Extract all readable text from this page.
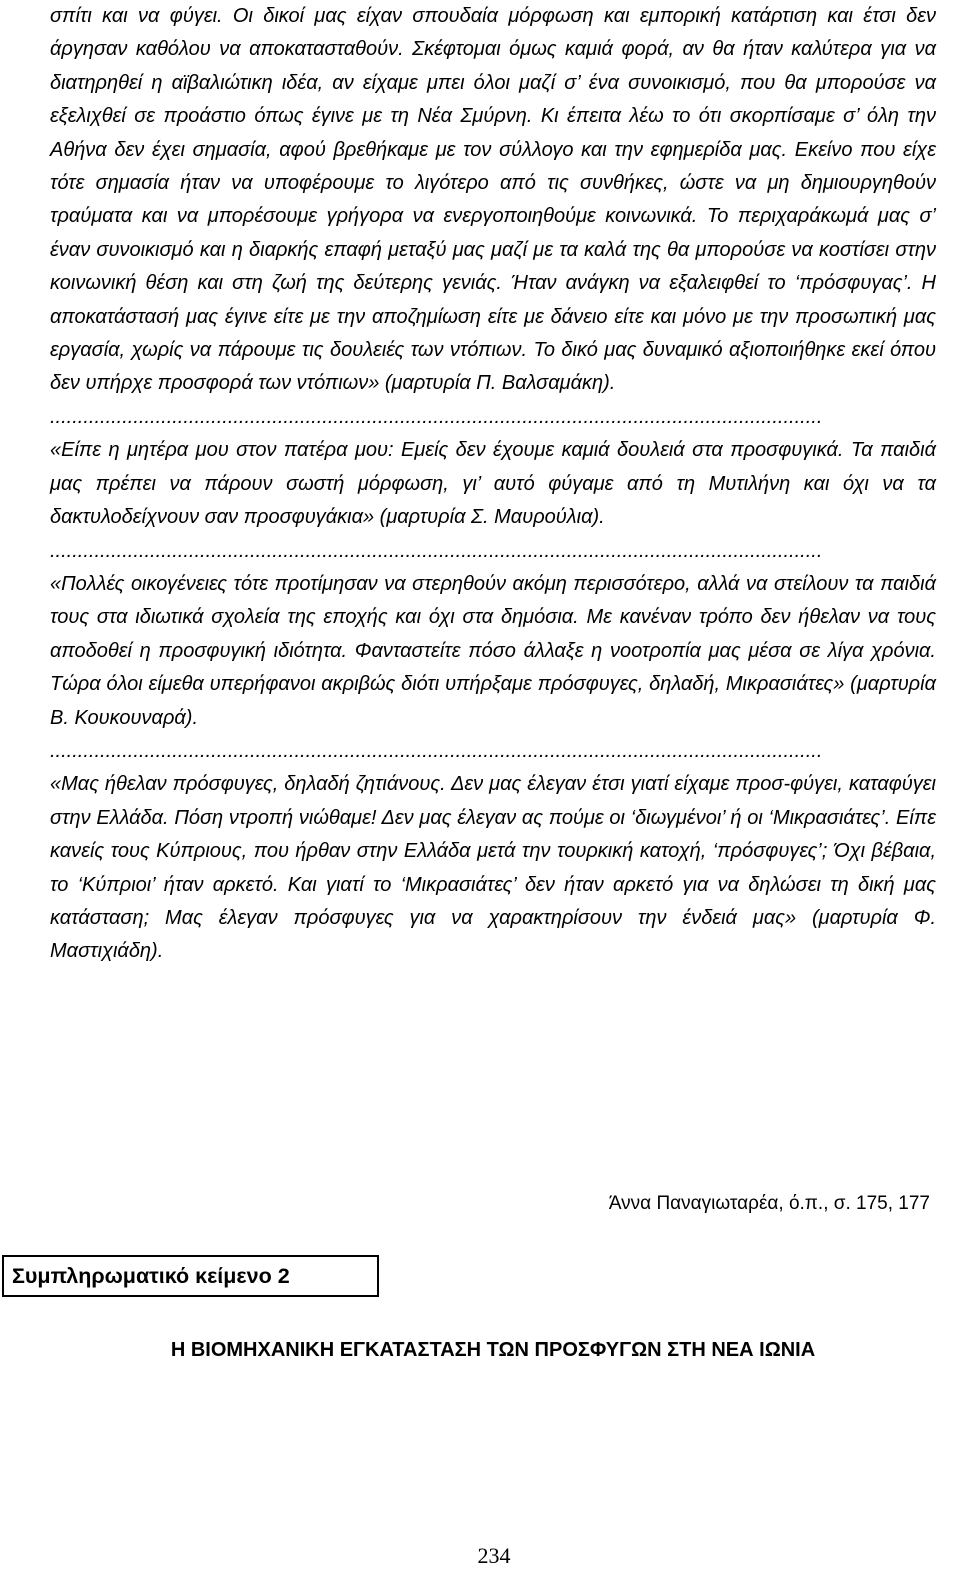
σπίτι και να φύγει. Οι δικοί μας είχαν σπουδαία μόρφωση και εμπορική κατάρτιση και έτσι δεν άργησαν καθόλου να αποκατασταθούν. Σκέφτομαι όμως καμιά φορά, αν θα ήταν καλύτερα για να διατηρηθεί η αϊβαλιώτικη ιδέα, αν είχαμε μπει όλοι μαζί σ’ ένα συνοικισμό, που θα μπορούσε να εξελιχθεί σε προάστιο όπως έγινε με τη Νέα Σμύρνη. Κι έπειτα λέω το ότι σκορπίσαμε σ’ όλη την Αθήνα δεν έχει σημασία, αφού βρεθήκαμε με τον σύλλογο και την εφημερίδα μας. Εκείνο που είχε τότε σημασία ήταν να υποφέρουμε το λιγότερο από τις συνθήκες, ώστε να μη δημιουργηθούν τραύματα και να μπορέσουμε γρήγορα να ενεργοποιηθούμε κοινωνικά. Το περιχαράκωμά μας σ’ έναν συνοικισμό και η διαρκής επαφή μεταξύ μας μαζί με τα καλά της θα μπορούσε να κοστίσει στην κοινωνική θέση και στη ζωή της δεύτερης γενιάς. Ήταν ανάγκη να εξαλειφθεί το ‘πρόσφυγας’. Η αποκατάστασή μας έγινε είτε με την αποζημίωση είτε με δάνειο είτε και μόνο με την προσωπική μας εργασία, χωρίς να πάρουμε τις δουλειές των ντόπιων. Το δικό μας δυναμικό αξιοποιήθηκε εκεί όπου δεν υπήρχε προσφορά των ντόπιων» (μαρτυρία Π. Βαλσαμάκη).

...........................................................................................................................................

«Είπε η μητέρα μου στον πατέρα μου: Εμείς δεν έχουμε καμιά δουλειά στα προσφυγικά. Τα παιδιά μας πρέπει να πάρουν σωστή μόρφωση, γι’ αυτό φύγαμε από τη Μυτιλήνη και όχι να τα δακτυλοδείχνουν σαν προσφυγάκια» (μαρτυρία Σ. Μαυρούλια).

...........................................................................................................................................

«Πολλές οικογένειες τότε προτίμησαν να στερηθούν ακόμη περισσότερο, αλλά να στείλουν τα παιδιά τους στα ιδιωτικά σχολεία της εποχής και όχι στα δημόσια. Με κανέναν τρόπο δεν ήθελαν να τους αποδοθεί η προσφυγική ιδιότητα. Φανταστείτε πόσο άλλαξε η νοοτροπία μας μέσα σε λίγα χρόνια. Τώρα όλοι είμεθα υπερήφανοι ακριβώς διότι υπήρξαμε πρόσφυγες, δηλαδή, Μικρασιάτες» (μαρτυρία Β. Κουκουναρά).

...........................................................................................................................................

«Μας ήθελαν πρόσφυγες, δηλαδή ζητιάνους. Δεν μας έλεγαν έτσι γιατί είχαμε προσ-φύγει, καταφύγει στην Ελλάδα. Πόση ντροπή νιώθαμε! Δεν μας έλεγαν ας πούμε οι ‘διωγμένοι’ ή οι ‘Μικρασιάτες’. Είπε κανείς τους Κύπριους, που ήρθαν στην Ελλάδα μετά την τουρκική κατοχή, ‘πρόσφυγες’; Όχι βέβαια, το ‘Κύπριοι’ ήταν αρκετό. Και γιατί το ‘Μικρασιάτες’ δεν ήταν αρκετό για να δηλώσει τη δική μας κατάσταση; Μας έλεγαν πρόσφυγες για να χαρακτηρίσουν την ένδειά μας» (μαρτυρία Φ. Μαστιχιάδη).

Άννα Παναγιωταρέα, ό.π., σ. 175, 177
Συμπληρωματικό κείμενο 2
Η ΒΙΟΜΗΧΑΝΙΚΗ ΕΓΚΑΤΑΣΤΑΣΗ ΤΩΝ ΠΡΟΣΦΥΓΩΝ ΣΤΗ ΝΕΑ ΙΩΝΙΑ
234
